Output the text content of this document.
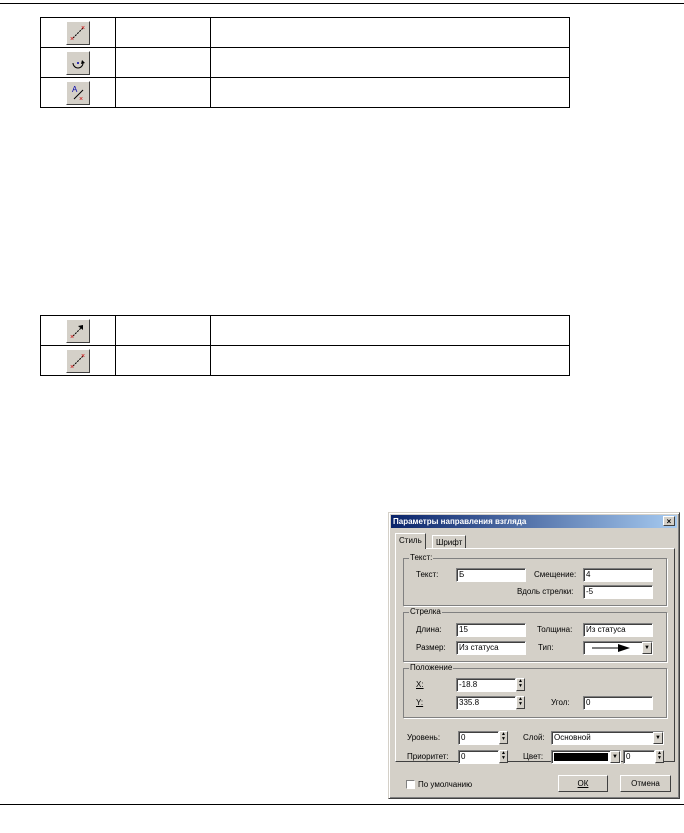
×
×		

A
×		

×		

×
×		

Параметры направления взгляда	×
Стиль	Шрифт
Текст:
Текст:	Б	Смещение:	4
Вдоль стрелки:	-5
Стрелка
Длина:	15	Толщина:	Из статуса
Размер:	Из статуса	Тип:	▼
Положение
X:	-18.8	▲
▼
Y:	335.8	▲
▼	Угол:	0
Уровень:	0	▲
▼ Слой:	Основной	▼
Приоритет:	0	▲
▼ Цвет:	▼	0	▲
▼
По умолчанию	ОК	Отмена
